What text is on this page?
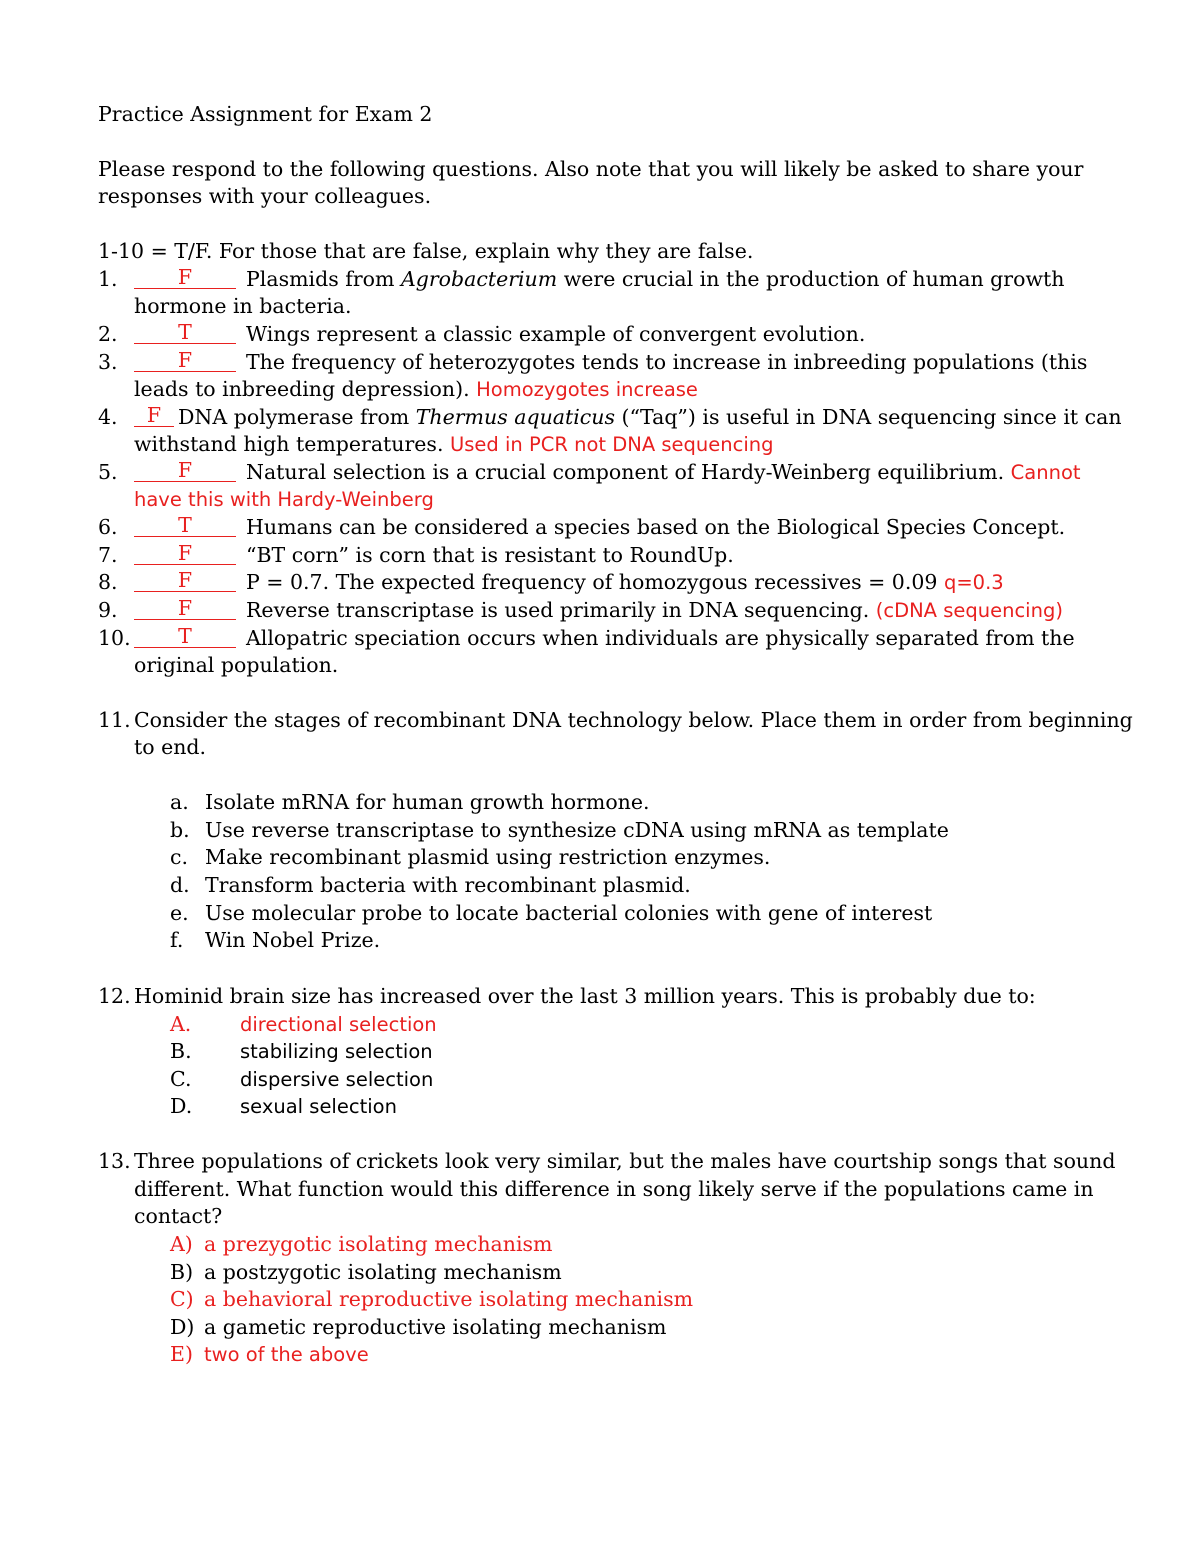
Practice Assignment for Exam 2
Please respond to the following questions. Also note that you will likely be asked to share your
responses with your colleagues.
1-10 = T/F. For those that are false, explain why they are false.
1.	F	Plasmids from Agrobacterium were crucial in the production of human growth
hormone in bacteria.
2.	T	Wings represent a classic example of convergent evolution.
3.	F	The frequency of heterozygotes tends to increase in inbreeding populations (this
leads to inbreeding depression). Homozygotes increase
4.	F DNA polymerase from Thermus aquaticus (“Taq”) is useful in DNA sequencing since it can
withstand high temperatures. Used in PCR not DNA sequencing
5.	F	Natural selection is a crucial component of Hardy-Weinberg equilibrium. Cannot
have this with Hardy-Weinberg
6.	T	Humans can be considered a species based on the Biological Species Concept.
7.	F	“BT corn” is corn that is resistant to RoundUp.
8.	F	P = 0.7. The expected frequency of homozygous recessives = 0.09 q=0.3
9.	F	Reverse transcriptase is used primarily in DNA sequencing. (cDNA sequencing)
10.	T	Allopatric speciation occurs when individuals are physically separated from the
original population.
11. Consider the stages of recombinant DNA technology below. Place them in order from beginning
to end.
a. Isolate mRNA for human growth hormone.
b. Use reverse transcriptase to synthesize cDNA using mRNA as template
c. Make recombinant plasmid using restriction enzymes.
d. Transform bacteria with recombinant plasmid.
e. Use molecular probe to locate bacterial colonies with gene of interest
f. Win Nobel Prize.
12. Hominid brain size has increased over the last 3 million years. This is probably due to:
A. directional selection
B. stabilizing selection
C. dispersive selection
D. sexual selection
13. Three populations of crickets look very similar, but the males have courtship songs that sound
different. What function would this difference in song likely serve if the populations came in
contact?
A) a prezygotic isolating mechanism
B) a postzygotic isolating mechanism
C) a behavioral reproductive isolating mechanism
D) a gametic reproductive isolating mechanism
E) two of the above
